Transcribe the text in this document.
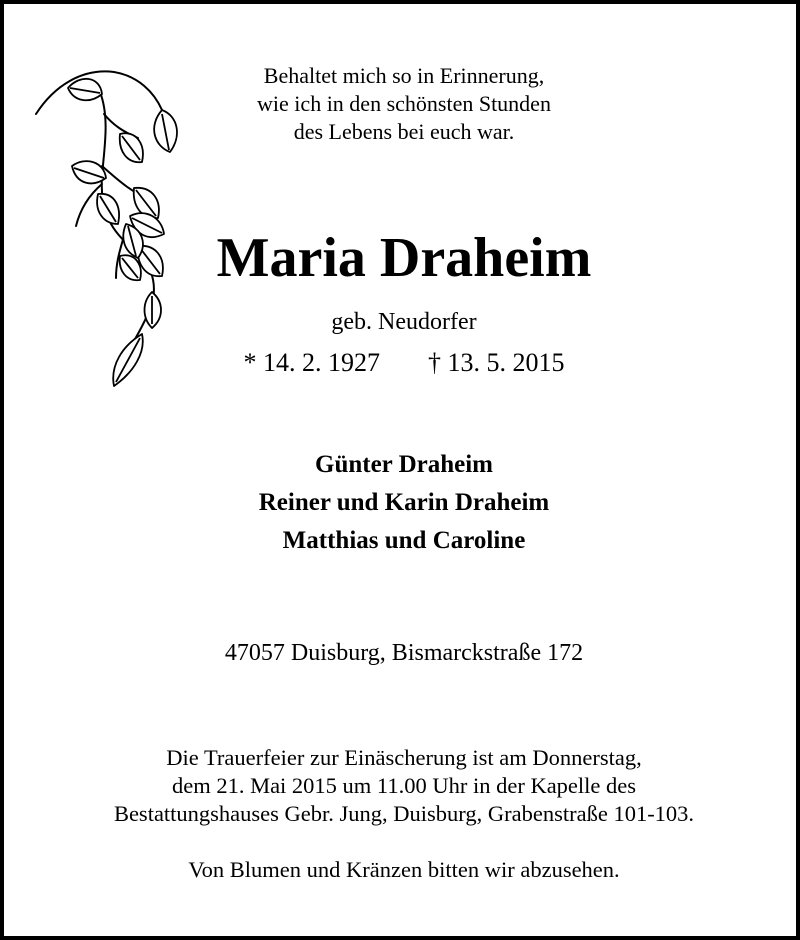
Behaltet mich so in Erinnerung,
wie ich in den schönsten Stunden
des Lebens bei euch war.
Maria Draheim
geb. Neudorfer
* 14. 2. 1927 † 13. 5. 2015
Günter Draheim
Reiner und Karin Draheim
Matthias und Caroline
47057 Duisburg, Bismarckstraße 172
Die Trauerfeier zur Einäscherung ist am Donnerstag,
dem 21. Mai 2015 um 11.00 Uhr in der Kapelle des
Bestattungshauses Gebr. Jung, Duisburg, Grabenstraße 101-103.
Von Blumen und Kränzen bitten wir abzusehen.
